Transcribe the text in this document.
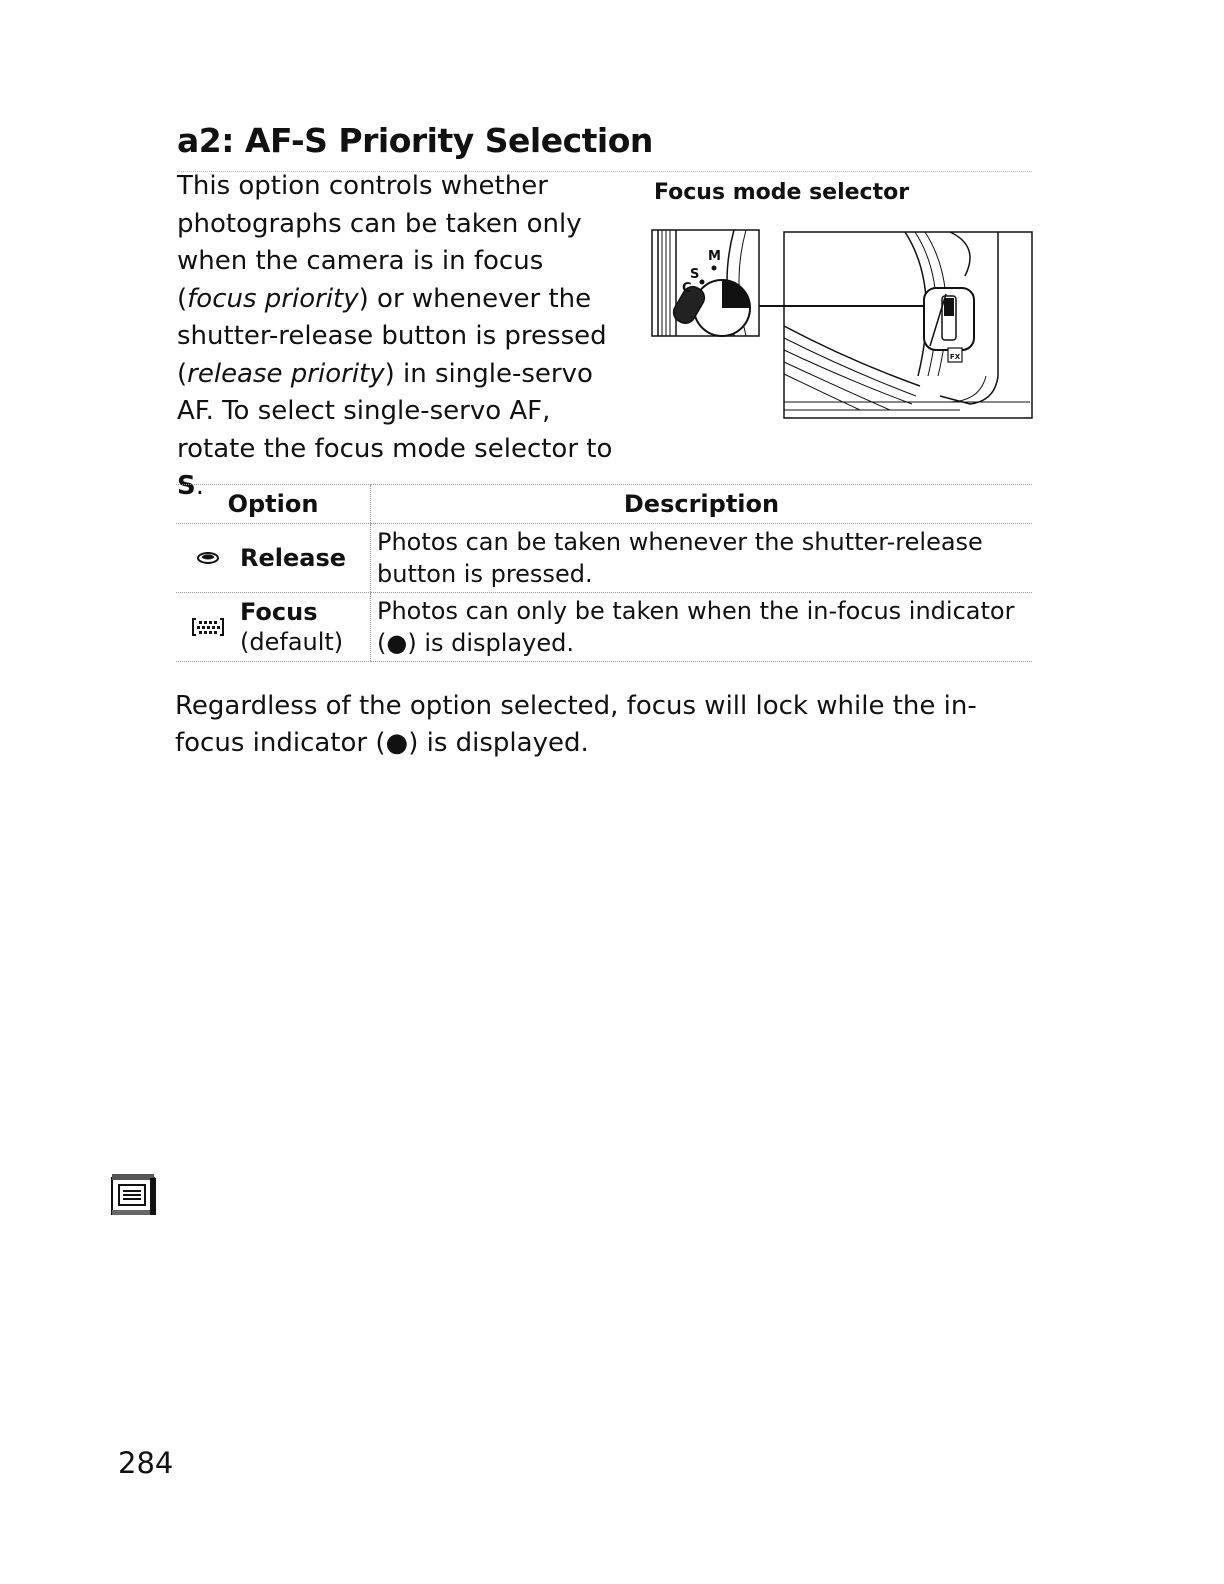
a2: AF-S Priority Selection

This option controls whether photographs can be taken only when the camera is in focus (focus priority) or whenever the shutter-release button is pressed (release priority) in single-servo AF. To select single-servo AF, rotate the focus mode selector to S.

Focus mode selector
S
M
C
FX
Option	Description

Release	Photos can be taken whenever the shutter-release button is pressed.

Focus
(default)	Photos can only be taken when the in-focus indicator (●) is displayed.

Regardless of the option selected, focus will lock while the in-focus indicator (●) is displayed.

284
